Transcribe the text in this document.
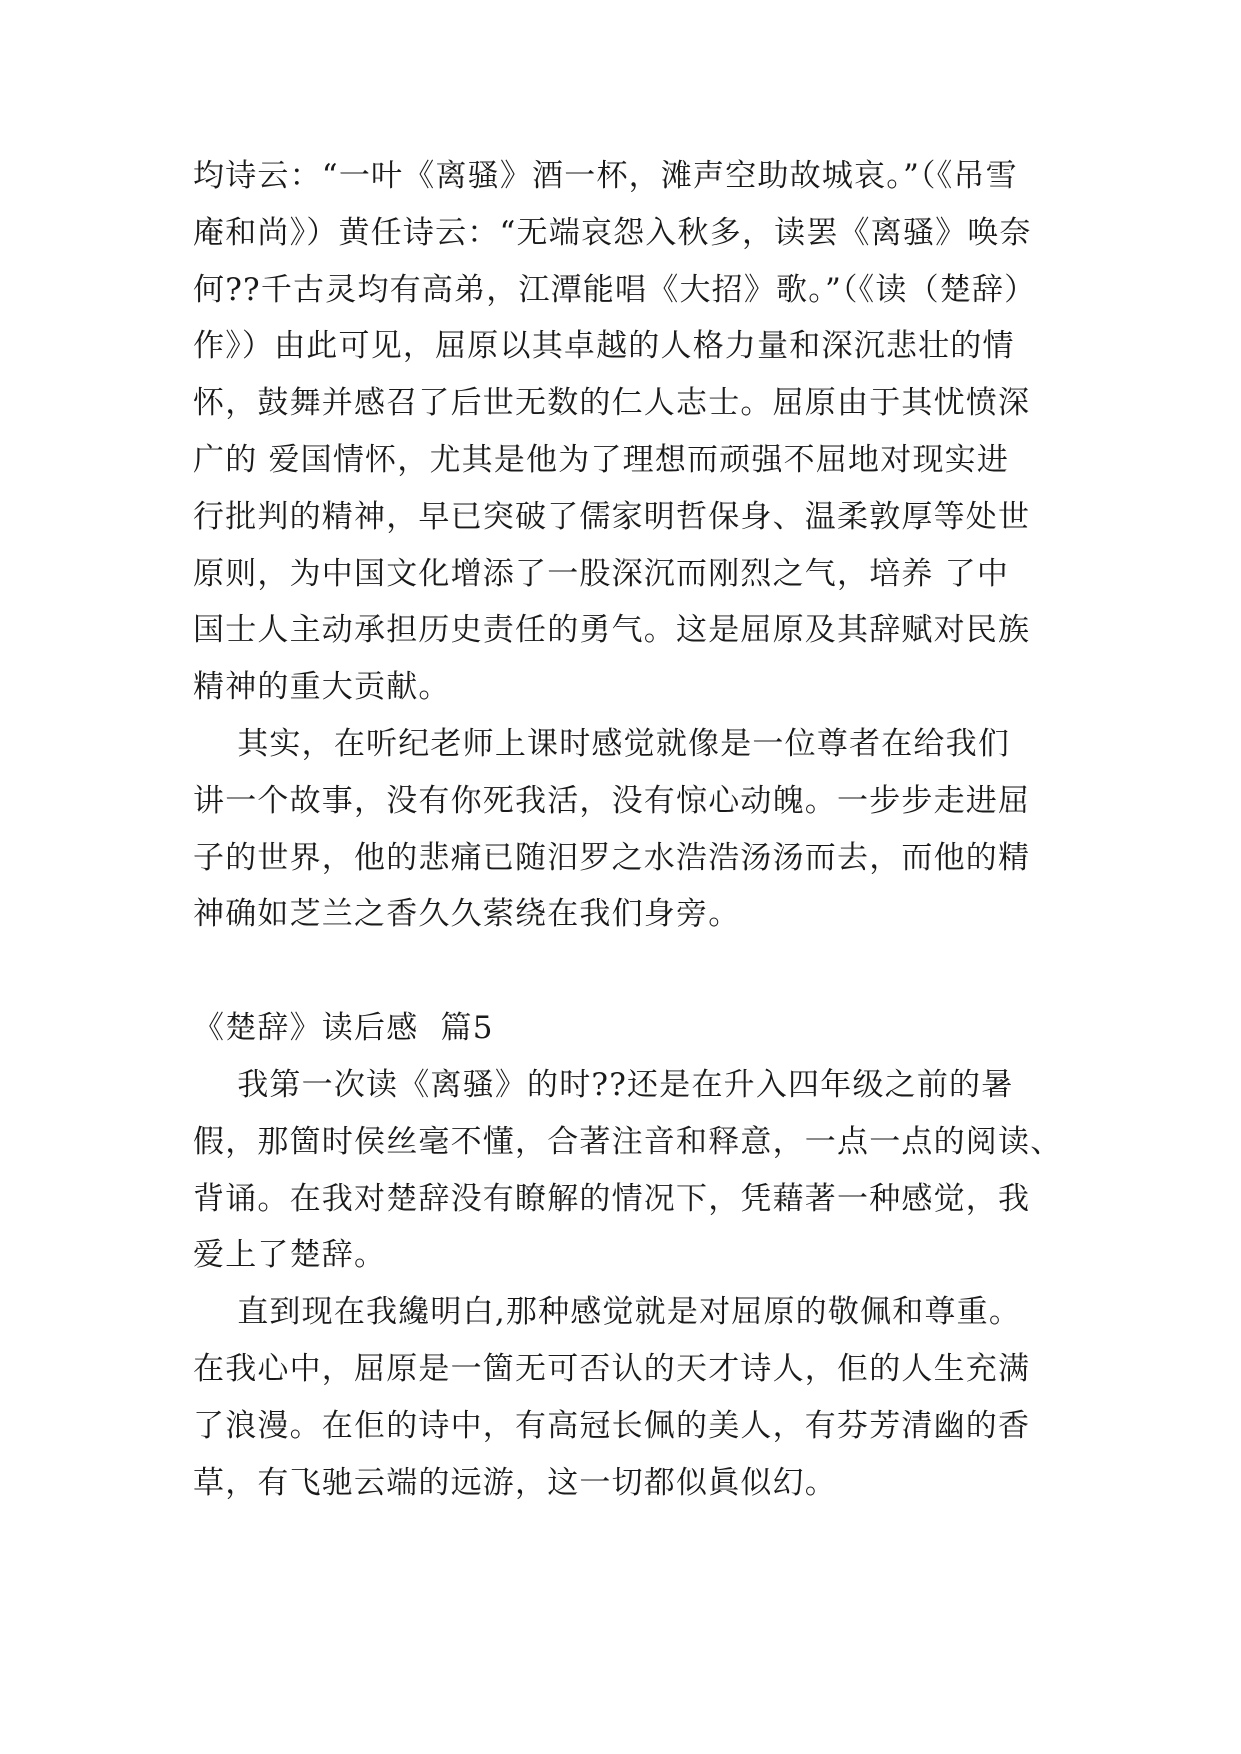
均诗云：“一叶《离骚》酒一杯，滩声空助故城哀。”（《吊雪
庵和尚》）黄任诗云：“无端哀怨入秋多，读罢《离骚》唤奈
何??千古灵均有高弟，江潭能唱《大招》歌。”（《读（楚辞）
作》）由此可见，屈原以其卓越的人格力量和深沉悲壮的情
怀，鼓舞并感召了后世无数的仁人志士。屈原由于其忧愤深
广的 爱国情怀，尤其是他为了理想而顽强不屈地对现实进
行批判的精神，早已突破了儒家明哲保身、温柔敦厚等处世
原则，为中国文化增添了一股深沉而刚烈之气，培养 了中
国士人主动承担历史责任的勇气。这是屈原及其辞赋对民族
精神的重大贡献。
其实，在听纪老师上课时感觉就像是一位尊者在给我们
讲一个故事，没有你死我活，没有惊心动魄。一步步走进屈
子的世界，他的悲痛已随汨罗之水浩浩汤汤而去，而他的精
神确如芝兰之香久久萦绕在我们身旁。
《楚辞》读后感  篇5
我第一次读《离骚》的时??还是在升入四年级之前的暑
假，那箇时侯丝毫不懂，合著注音和释意，一点一点的阅读、
背诵。在我对楚辞没有瞭解的情况下，凭藉著一种感觉，我
爱上了楚辞。
直到现在我纔明白,那种感觉就是对屈原的敬佩和尊重。
在我心中，屈原是一箇无可否认的天才诗人，佢的人生充满
了浪漫。在佢的诗中，有高冠长佩的美人，有芬芳清幽的香
草，有飞驰云端的远游，这一切都似眞似幻。
